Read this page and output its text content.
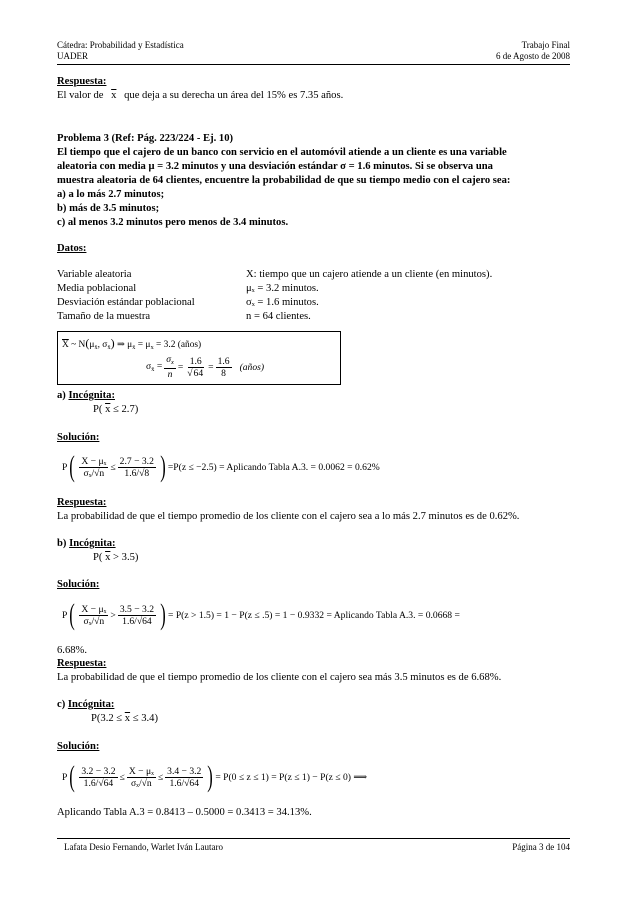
Cátedra: Probabilidad y Estadística
UADER
Trabajo Final
6 de Agosto de 2008
Respuesta:
El valor de $\overline{x}$ que deja a su derecha un área del 15% es 7.35 años.
Problema 3 (Ref: Pág. 223/224 - Ej. 10)
El tiempo que el cajero de un banco con servicio en el automóvil atiende a un cliente es una variable
aleatoria con media μ = 3.2 minutos y una desviación estándar σ = 1.6 minutos. Si se observa una
muestra aleatoria de 64 clientes, encuentre la probabilidad de que su tiempo medio con el cajero sea:
a) a lo más 2.7 minutos;
b) más de 3.5 minutos;
c) al menos 3.2 minutos pero menos de 3.4 minutos.
Datos:
Variable aleatoria	X: tiempo que un cajero atiende a un cliente (en minutos).
Media poblacional	μₓ = 3.2 minutos.
Desviación estándar poblacional	σₓ = 1.6 minutos.
Tamaño de la muestra	n = 64 clientes.
$\overline{X}$ ~ $N(\mu_{x̄}$, $\sigma_{x̄}$) ⇒ $\mu_{x̄} = \mu_x = 3.2$ (años)
$\sigma_{x̄} = \frac{\sigma_x}{n} = \frac{1.6}{√64} = \frac{1.6}{8}$ (años)
a) Incógnita:
P( $\overline{x} \le 2.7$)
Solución:
P ( $\frac{\text{X − μₓ}}{\text{σₓ/√n}} \le \frac{2.7 - 3.2}{1.6/√8}$ ) =P(z ≤ −2.5) = Aplicando Tabla A.3. = 0.0062 = 0.62%
Respuesta:
La probabilidad de que el tiempo promedio de los cliente con el cajero sea a lo más 2.7 minutos es de 0.62%.
b) Incógnita:
P( $\overline{x} > 3.5$)
Solución:
P ( $\frac{\text{X − μₓ}}{\text{σₓ/√n}} > \frac{3.5 - 3.2}{1.6/√64}$ ) = P(z > 1.5) = 1 − P(z ≤ .5) = 1 − 0.9332 = Aplicando Tabla A.3. = 0.0668 =
6.68%.
Respuesta:
La probabilidad de que el tiempo promedio de los cliente con el cajero sea más 3.5 minutos es de 6.68%.
c) Incógnita:
$P(3.2 \le \overline{x} \le 3.4)$
Solución:
P ( $\frac{3.2 - 3.2}{1.6/√64} \le \frac{\text{X − μₓ}}{\text{σₓ/√n}} \le \frac{3.4 - 3.2}{1.6/√64}$ ) = P(0 ≤ z ≤ 1) = P(z ≤ 1) − P(z ≤ 0) ⟹
Aplicando Tabla A.3 = 0.8413 – 0.5000 = 0.3413 = 34.13%.
Lafata Desio Fernando, Warlet Iván Lautaro	Página 3 de 104
